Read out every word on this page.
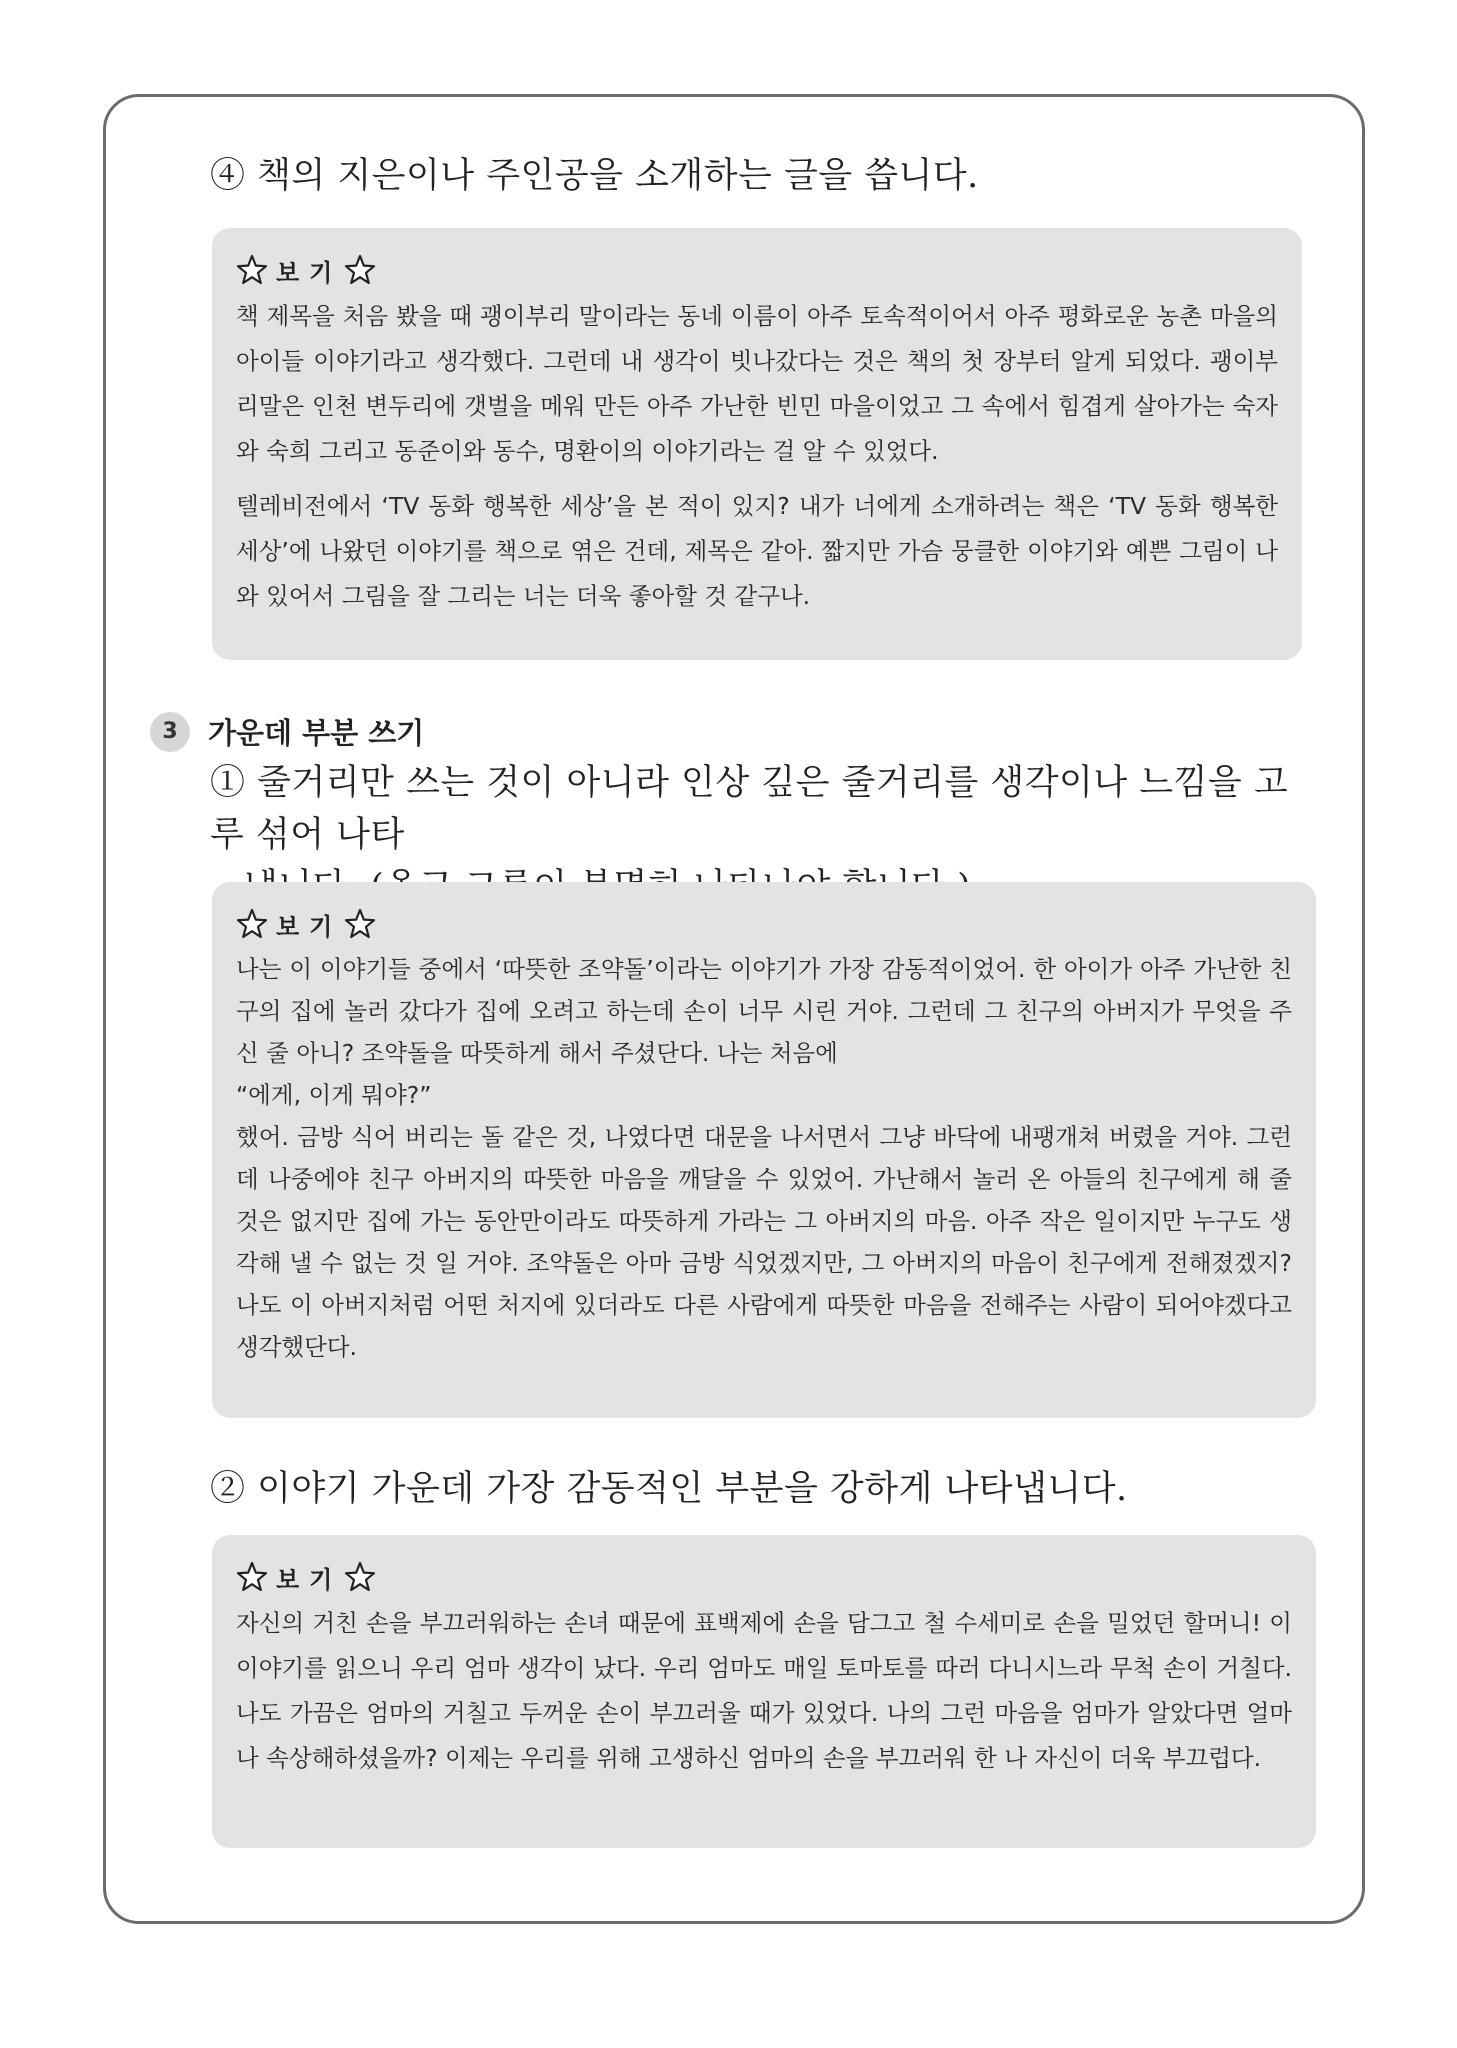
④ 책의 지은이나 주인공을 소개하는 글을 씁니다.

보기

책 제목을 처음 봤을 때 괭이부리 말이라는 동네 이름이 아주 토속적이어서 아주 평화로운 농촌 마을의 아이들 이야기라고 생각했다. 그런데 내 생각이 빗나갔다는 것은 책의 첫 장부터 알게 되었다. 괭이부리말은 인천 변두리에 갯벌을 메워 만든 아주 가난한 빈민 마을이었고 그 속에서 힘겹게 살아가는 숙자와 숙희 그리고 동준이와 동수, 명환이의 이야기라는 걸 알 수 있었다.

텔레비전에서 ‘TV 동화 행복한 세상’을 본 적이 있지? 내가 너에게 소개하려는 책은 ‘TV 동화 행복한 세상’에 나왔던 이야기를 책으로 엮은 건데, 제목은 같아. 짧지만 가슴 뭉클한 이야기와 예쁜 그림이 나와 있어서 그림을 잘 그리는 너는 더욱 좋아할 것 같구나.

3	가운데 부분 쓰기

① 줄거리만 쓰는 것이 아니라 인상 깊은 줄거리를 생각이나 느낌을 고루 섞어 나타

보기

나는 이 이야기들 중에서 ‘따뜻한 조약돌’이라는 이야기가 가장 감동적이었어. 한 아이가 아주 가난한 친구의 집에 놀러 갔다가 집에 오려고 하는데 손이 너무 시린 거야. 그런데 그 친구의 아버지가 무엇을 주신 줄 아니? 조약돌을 따뜻하게 해서 주셨단다. 나는 처음에
“에게, 이게 뭐야?”
했어. 금방 식어 버리는 돌 같은 것, 나였다면 대문을 나서면서 그냥 바닥에 내팽개쳐 버렸을 거야. 그런데 나중에야 친구 아버지의 따뜻한 마음을 깨달을 수 있었어. 가난해서 놀러 온 아들의 친구에게 해 줄 것은 없지만 집에 가는 동안만이라도 따뜻하게 가라는 그 아버지의 마음. 아주 작은 일이지만 누구도 생각해 낼 수 없는 것 일 거야. 조약돌은 아마 금방 식었겠지만, 그 아버지의 마음이 친구에게 전해졌겠지? 나도 이 아버지처럼 어떤 처지에 있더라도 다른 사람에게 따뜻한 마음을 전해주는 사람이 되어야겠다고 생각했단다.

② 이야기 가운데 가장 감동적인 부분을 강하게 나타냅니다.

보기

자신의 거친 손을 부끄러워하는 손녀 때문에 표백제에 손을 담그고 철 수세미로 손을 밀었던 할머니! 이 이야기를 읽으니 우리 엄마 생각이 났다. 우리 엄마도 매일 토마토를 따러 다니시느라 무척 손이 거칠다. 나도 가끔은 엄마의 거칠고 두꺼운 손이 부끄러울 때가 있었다. 나의 그런 마음을 엄마가 알았다면 얼마나 속상해하셨을까? 이제는 우리를 위해 고생하신 엄마의 손을 부끄러워 한 나 자신이 더욱 부끄럽다.
